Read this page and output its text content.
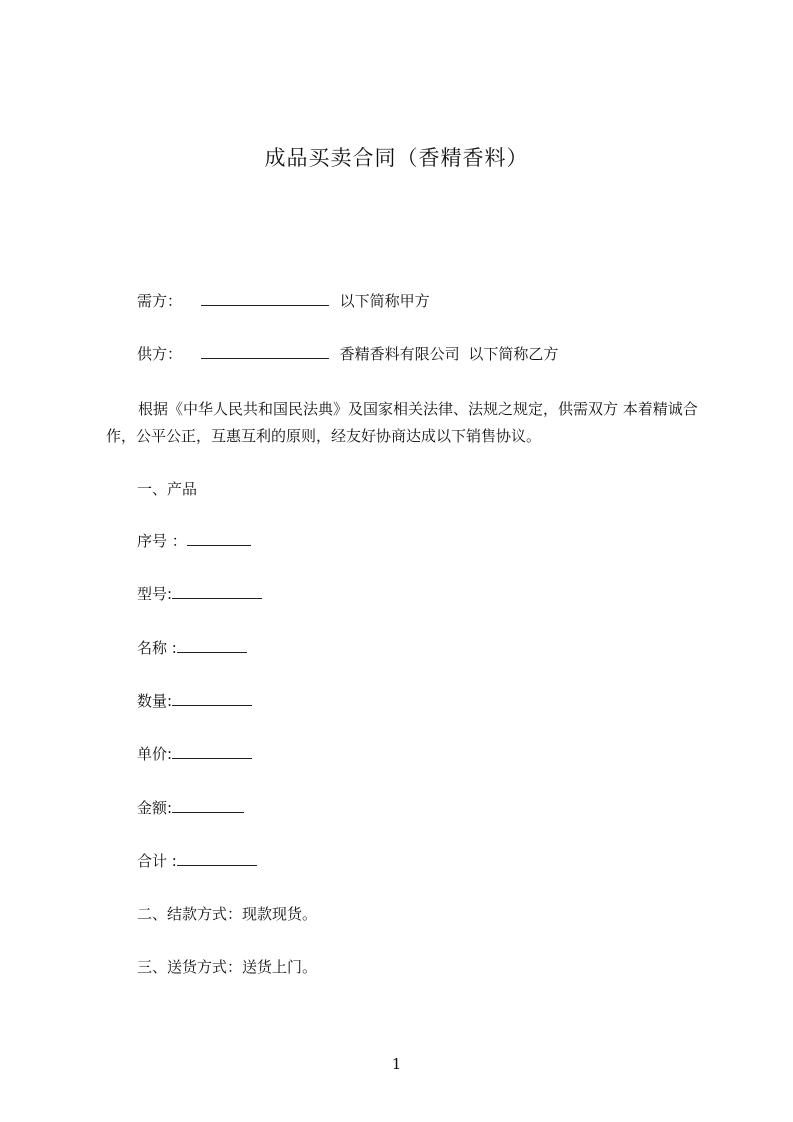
成品买卖合同（香精香料）
需方：	以下简称甲方
供方：	香精香料有限公司 以下简称乙方

根据《中华人民共和国民法典》及国家相关法律、法规之规定，供需双方 本着精诚合作，公平公正，互惠互利的原则，经友好协商达成以下销售协议。

一、产品
序号 ：
型号:
名称 :
数量:
单价:
金额:
合计 :
二、结款方式：现款现货。
三、送货方式：送货上门。
1
